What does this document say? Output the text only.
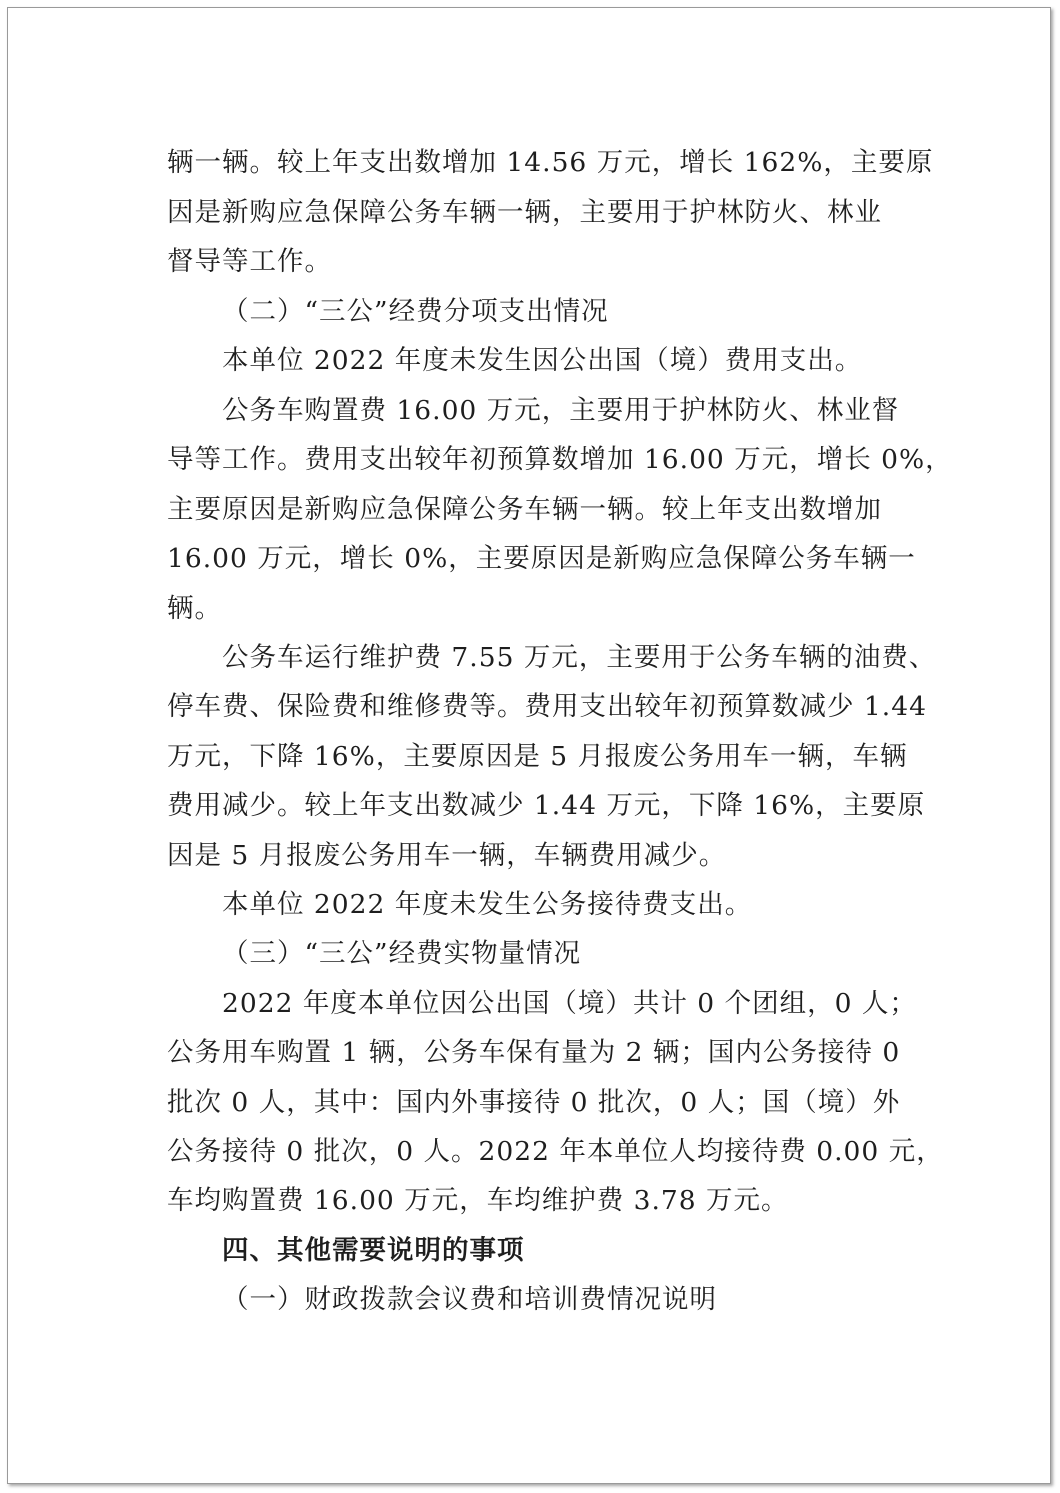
辆一辆。较上年支出数增加 14.56 万元，增长 162%，主要原
因是新购应急保障公务车辆一辆，主要用于护林防火、林业
督导等工作。
（二）“三公”经费分项支出情况
本单位 2022 年度未发生因公出国（境）费用支出。
公务车购置费 16.00 万元，主要用于护林防火、林业督
导等工作。费用支出较年初预算数增加 16.00 万元，增长 0%，
主要原因是新购应急保障公务车辆一辆。较上年支出数增加
16.00 万元，增长 0%，主要原因是新购应急保障公务车辆一
辆。
公务车运行维护费 7.55 万元，主要用于公务车辆的油费、
停车费、保险费和维修费等。费用支出较年初预算数减少 1.44
万元，下降 16%，主要原因是 5 月报废公务用车一辆，车辆
费用减少。较上年支出数减少 1.44 万元，下降 16%，主要原
因是 5 月报废公务用车一辆，车辆费用减少。
本单位 2022 年度未发生公务接待费支出。
（三）“三公”经费实物量情况
2022 年度本单位因公出国（境）共计 0 个团组，0 人；
公务用车购置 1 辆，公务车保有量为 2 辆；国内公务接待 0
批次 0 人，其中：国内外事接待 0 批次，0 人；国（境）外
公务接待 0 批次，0 人。2022 年本单位人均接待费 0.00 元，
车均购置费 16.00 万元，车均维护费 3.78 万元。
四、其他需要说明的事项
（一）财政拨款会议费和培训费情况说明
